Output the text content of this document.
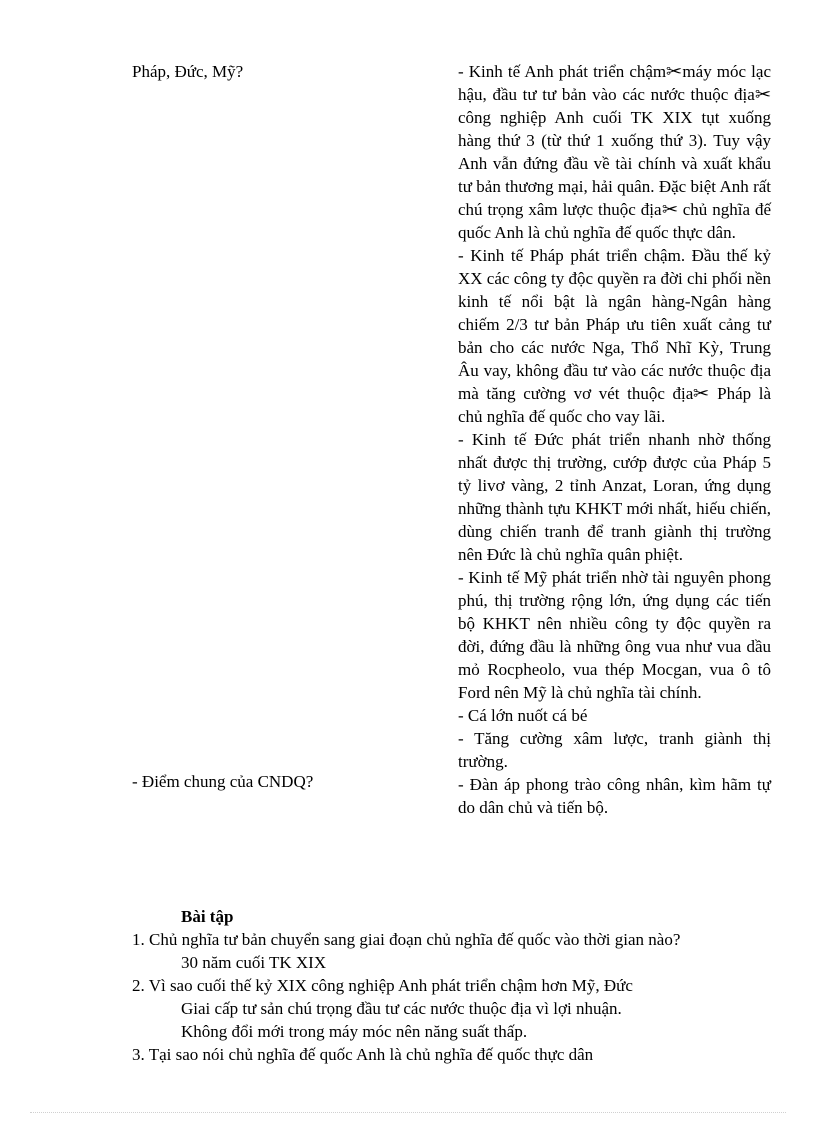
Pháp, Đức, Mỹ?
- Điểm chung của CNDQ?

- Kinh tế Anh phát triển chậm✂máy móc lạc hậu, đầu tư tư bản vào các nước thuộc địa✂ công nghiệp Anh cuối TK XIX tụt xuống hàng thứ 3 (từ thứ 1 xuống thứ 3). Tuy vậy Anh vẫn đứng đầu về tài chính và xuất khẩu tư bản thương mại, hải quân. Đặc biệt Anh rất chú trọng xâm lược thuộc địa✂ chủ nghĩa đế quốc Anh là chủ nghĩa đế quốc thực dân.

- Kinh tế Pháp phát triển chậm. Đầu thế kỷ XX các công ty độc quyền ra đời chi phối nền kinh tế nổi bật là ngân hàng-Ngân hàng chiếm 2/3 tư bản Pháp ưu tiên xuất cảng tư bản cho các nước Nga, Thổ Nhĩ Kỳ, Trung Âu vay, không đầu tư vào các nước thuộc địa mà tăng cường vơ vét thuộc địa✂ Pháp là chủ nghĩa đế quốc cho vay lãi.

- Kinh tế Đức phát triển nhanh nhờ thống nhất được thị trường, cướp được của Pháp 5 tỷ livơ vàng, 2 tỉnh Anzat, Loran, ứng dụng những thành tựu KHKT mới nhất, hiếu chiến, dùng chiến tranh để tranh giành thị trường nên Đức là chủ nghĩa quân phiệt.

- Kinh tế Mỹ phát triển nhờ tài nguyên phong phú, thị trường rộng lớn, ứng dụng các tiến bộ KHKT nên nhiều công ty độc quyền ra đời, đứng đầu là những ông vua như vua dầu mỏ Rocpheolo, vua thép Mocgan, vua ô tô Ford nên Mỹ là chủ nghĩa tài chính.

- Cá lớn nuốt cá bé

- Tăng cường xâm lược, tranh giành thị trường.

- Đàn áp phong trào công nhân, kìm hãm tự do dân chủ và tiến bộ.

Bài tập

1. Chủ nghĩa tư bản chuyển sang giai đoạn chủ nghĩa đế quốc vào thời gian nào?

30 năm cuối TK XIX

2. Vì sao cuối thế kỷ XIX công nghiệp Anh phát triển chậm hơn Mỹ, Đức

Giai cấp tư sản chú trọng đầu tư các nước thuộc địa vì lợi nhuận.

Không đổi mới trong máy móc nên năng suất thấp.

3. Tại sao nói chủ nghĩa đế quốc Anh là chủ nghĩa đế quốc thực dân
